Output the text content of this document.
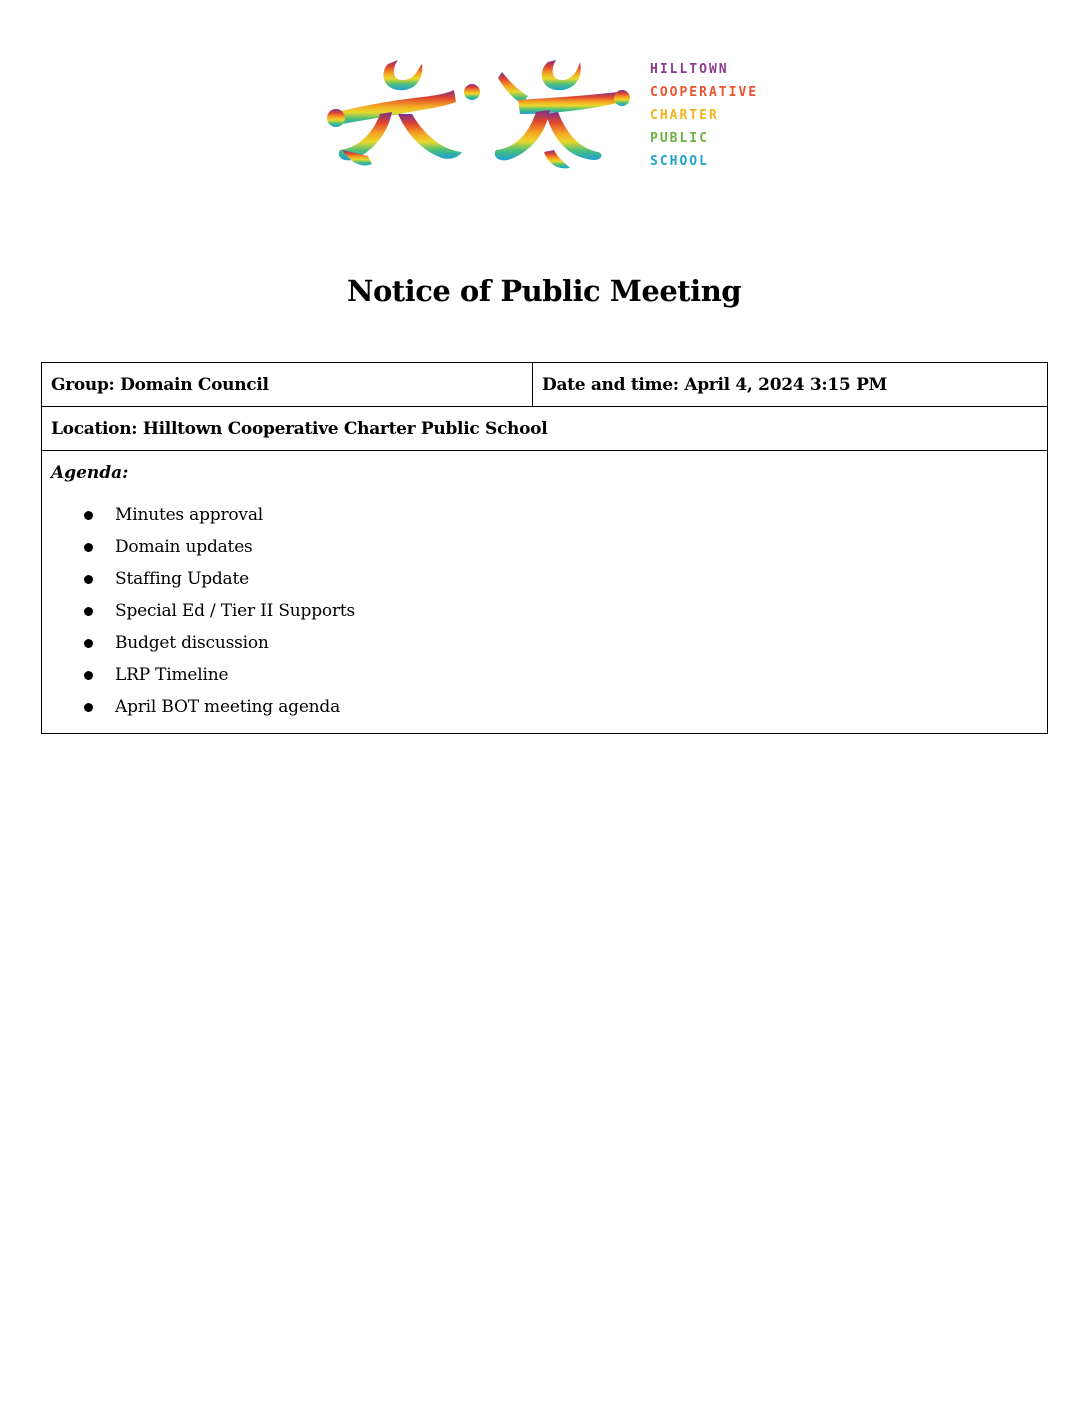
HILLTOWN
COOPERATIVE
CHARTER
PUBLIC
SCHOOL
Notice of Public Meeting
Group: Domain Council	Date and time: April 4, 2024 3:15 PM
Location: Hilltown Cooperative Charter Public School

Agenda:
Minutes approval
Domain updates
Staffing Update
Special Ed / Tier II Supports
Budget discussion
LRP Timeline
April BOT meeting agenda
